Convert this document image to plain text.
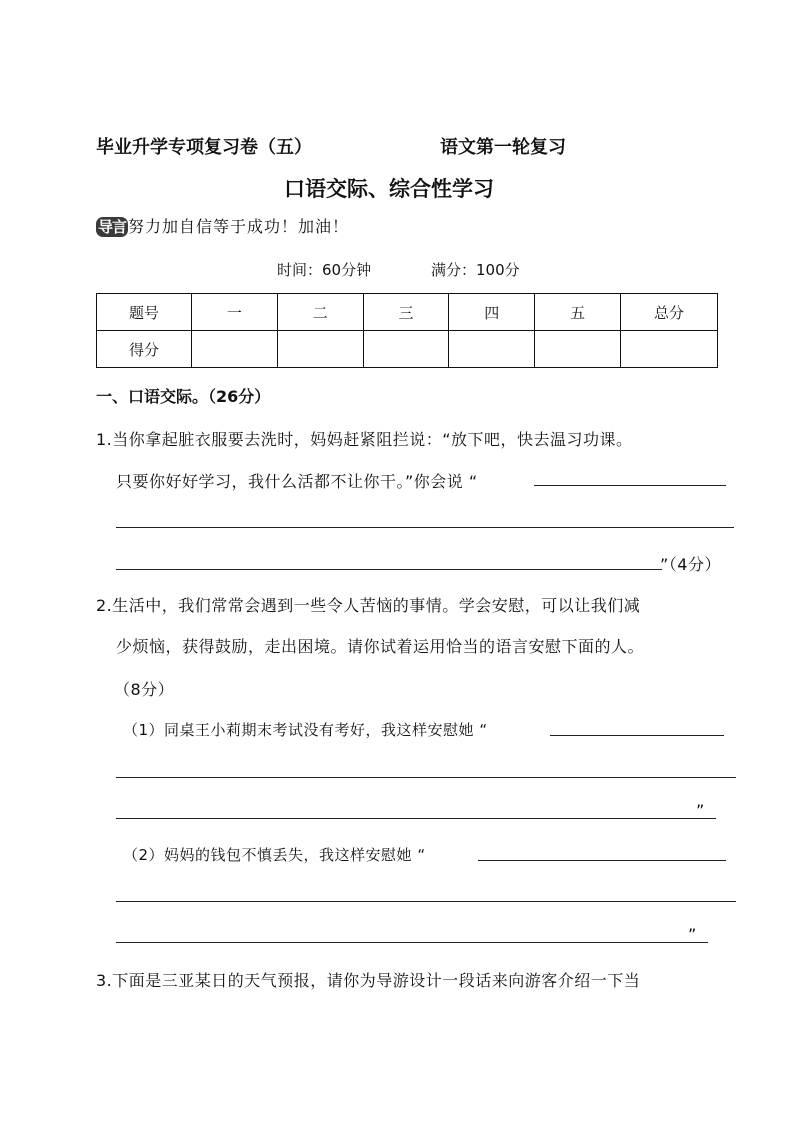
毕业升学专项复习卷（五）	语文第一轮复习
口语交际、综合性学习
导言 努力加自信等于成功！加油！
时间：60分钟	满分：100分
题号	一	二	三	四	五	总分
得分						
一、口语交际。（26分）
1.当你拿起脏衣服要去洗时，妈妈赶紧阻拦说：“放下吧，快去温习功课。
只要你好好学习，我什么活都不让你干。”你会说 “
”（4分）
2.生活中，我们常常会遇到一些令人苦恼的事情。学会安慰，可以让我们减
少烦恼，获得鼓励，走出困境。请你试着运用恰当的语言安慰下面的人。
（8分）
（1）同桌王小莉期末考试没有考好，我这样安慰她 “
”
（2）妈妈的钱包不慎丢失，我这样安慰她 “
”
3.下面是三亚某日的天气预报，请你为导游设计一段话来向游客介绍一下当
